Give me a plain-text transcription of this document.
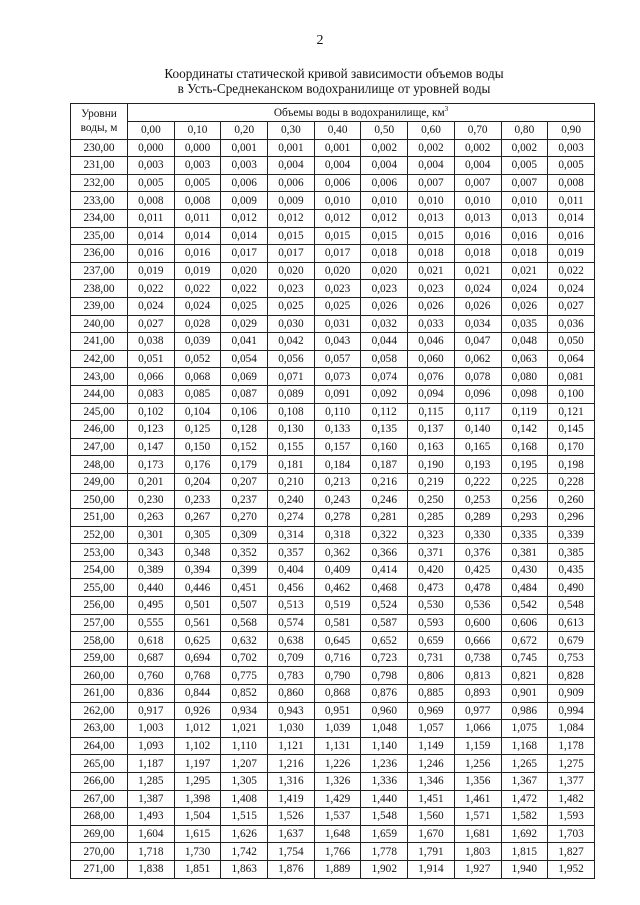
2
Координаты статической кривой зависимости объемов воды
в Усть-Среднеканском водохранилище от уровней воды
Уровни
воды, м	Объемы воды в водохранилище, $км^3$
	0,00	0,10	0,20	0,30	0,40	0,50	0,60	0,70	0,80	0,90
230,00	0,000	0,000	0,001	0,001	0,001	0,002	0,002	0,002	0,002	0,003
231,00	0,003	0,003	0,003	0,004	0,004	0,004	0,004	0,004	0,005	0,005
232,00	0,005	0,005	0,006	0,006	0,006	0,006	0,007	0,007	0,007	0,008
233,00	0,008	0,008	0,009	0,009	0,010	0,010	0,010	0,010	0,010	0,011
234,00	0,011	0,011	0,012	0,012	0,012	0,012	0,013	0,013	0,013	0,014
235,00	0,014	0,014	0,014	0,015	0,015	0,015	0,015	0,016	0,016	0,016
236,00	0,016	0,016	0,017	0,017	0,017	0,018	0,018	0,018	0,018	0,019
237,00	0,019	0,019	0,020	0,020	0,020	0,020	0,021	0,021	0,021	0,022
238,00	0,022	0,022	0,022	0,023	0,023	0,023	0,023	0,024	0,024	0,024
239,00	0,024	0,024	0,025	0,025	0,025	0,026	0,026	0,026	0,026	0,027
240,00	0,027	0,028	0,029	0,030	0,031	0,032	0,033	0,034	0,035	0,036
241,00	0,038	0,039	0,041	0,042	0,043	0,044	0,046	0,047	0,048	0,050
242,00	0,051	0,052	0,054	0,056	0,057	0,058	0,060	0,062	0,063	0,064
243,00	0,066	0,068	0,069	0,071	0,073	0,074	0,076	0,078	0,080	0,081
244,00	0,083	0,085	0,087	0,089	0,091	0,092	0,094	0,096	0,098	0,100
245,00	0,102	0,104	0,106	0,108	0,110	0,112	0,115	0,117	0,119	0,121
246,00	0,123	0,125	0,128	0,130	0,133	0,135	0,137	0,140	0,142	0,145
247,00	0,147	0,150	0,152	0,155	0,157	0,160	0,163	0,165	0,168	0,170
248,00	0,173	0,176	0,179	0,181	0,184	0,187	0,190	0,193	0,195	0,198
249,00	0,201	0,204	0,207	0,210	0,213	0,216	0,219	0,222	0,225	0,228
250,00	0,230	0,233	0,237	0,240	0,243	0,246	0,250	0,253	0,256	0,260
251,00	0,263	0,267	0,270	0,274	0,278	0,281	0,285	0,289	0,293	0,296
252,00	0,301	0,305	0,309	0,314	0,318	0,322	0,323	0,330	0,335	0,339
253,00	0,343	0,348	0,352	0,357	0,362	0,366	0,371	0,376	0,381	0,385
254,00	0,389	0,394	0,399	0,404	0,409	0,414	0,420	0,425	0,430	0,435
255,00	0,440	0,446	0,451	0,456	0,462	0,468	0,473	0,478	0,484	0,490
256,00	0,495	0,501	0,507	0,513	0,519	0,524	0,530	0,536	0,542	0,548
257,00	0,555	0,561	0,568	0,574	0,581	0,587	0,593	0,600	0,606	0,613
258,00	0,618	0,625	0,632	0,638	0,645	0,652	0,659	0,666	0,672	0,679
259,00	0,687	0,694	0,702	0,709	0,716	0,723	0,731	0,738	0,745	0,753
260,00	0,760	0,768	0,775	0,783	0,790	0,798	0,806	0,813	0,821	0,828
261,00	0,836	0,844	0,852	0,860	0,868	0,876	0,885	0,893	0,901	0,909
262,00	0,917	0,926	0,934	0,943	0,951	0,960	0,969	0,977	0,986	0,994
263,00	1,003	1,012	1,021	1,030	1,039	1,048	1,057	1,066	1,075	1,084
264,00	1,093	1,102	1,110	1,121	1,131	1,140	1,149	1,159	1,168	1,178
265,00	1,187	1,197	1,207	1,216	1,226	1,236	1,246	1,256	1,265	1,275
266,00	1,285	1,295	1,305	1,316	1,326	1,336	1,346	1,356	1,367	1,377
267,00	1,387	1,398	1,408	1,419	1,429	1,440	1,451	1,461	1,472	1,482
268,00	1,493	1,504	1,515	1,526	1,537	1,548	1,560	1,571	1,582	1,593
269,00	1,604	1,615	1,626	1,637	1,648	1,659	1,670	1,681	1,692	1,703
270,00	1,718	1,730	1,742	1,754	1,766	1,778	1,791	1,803	1,815	1,827
271,00	1,838	1,851	1,863	1,876	1,889	1,902	1,914	1,927	1,940	1,952
